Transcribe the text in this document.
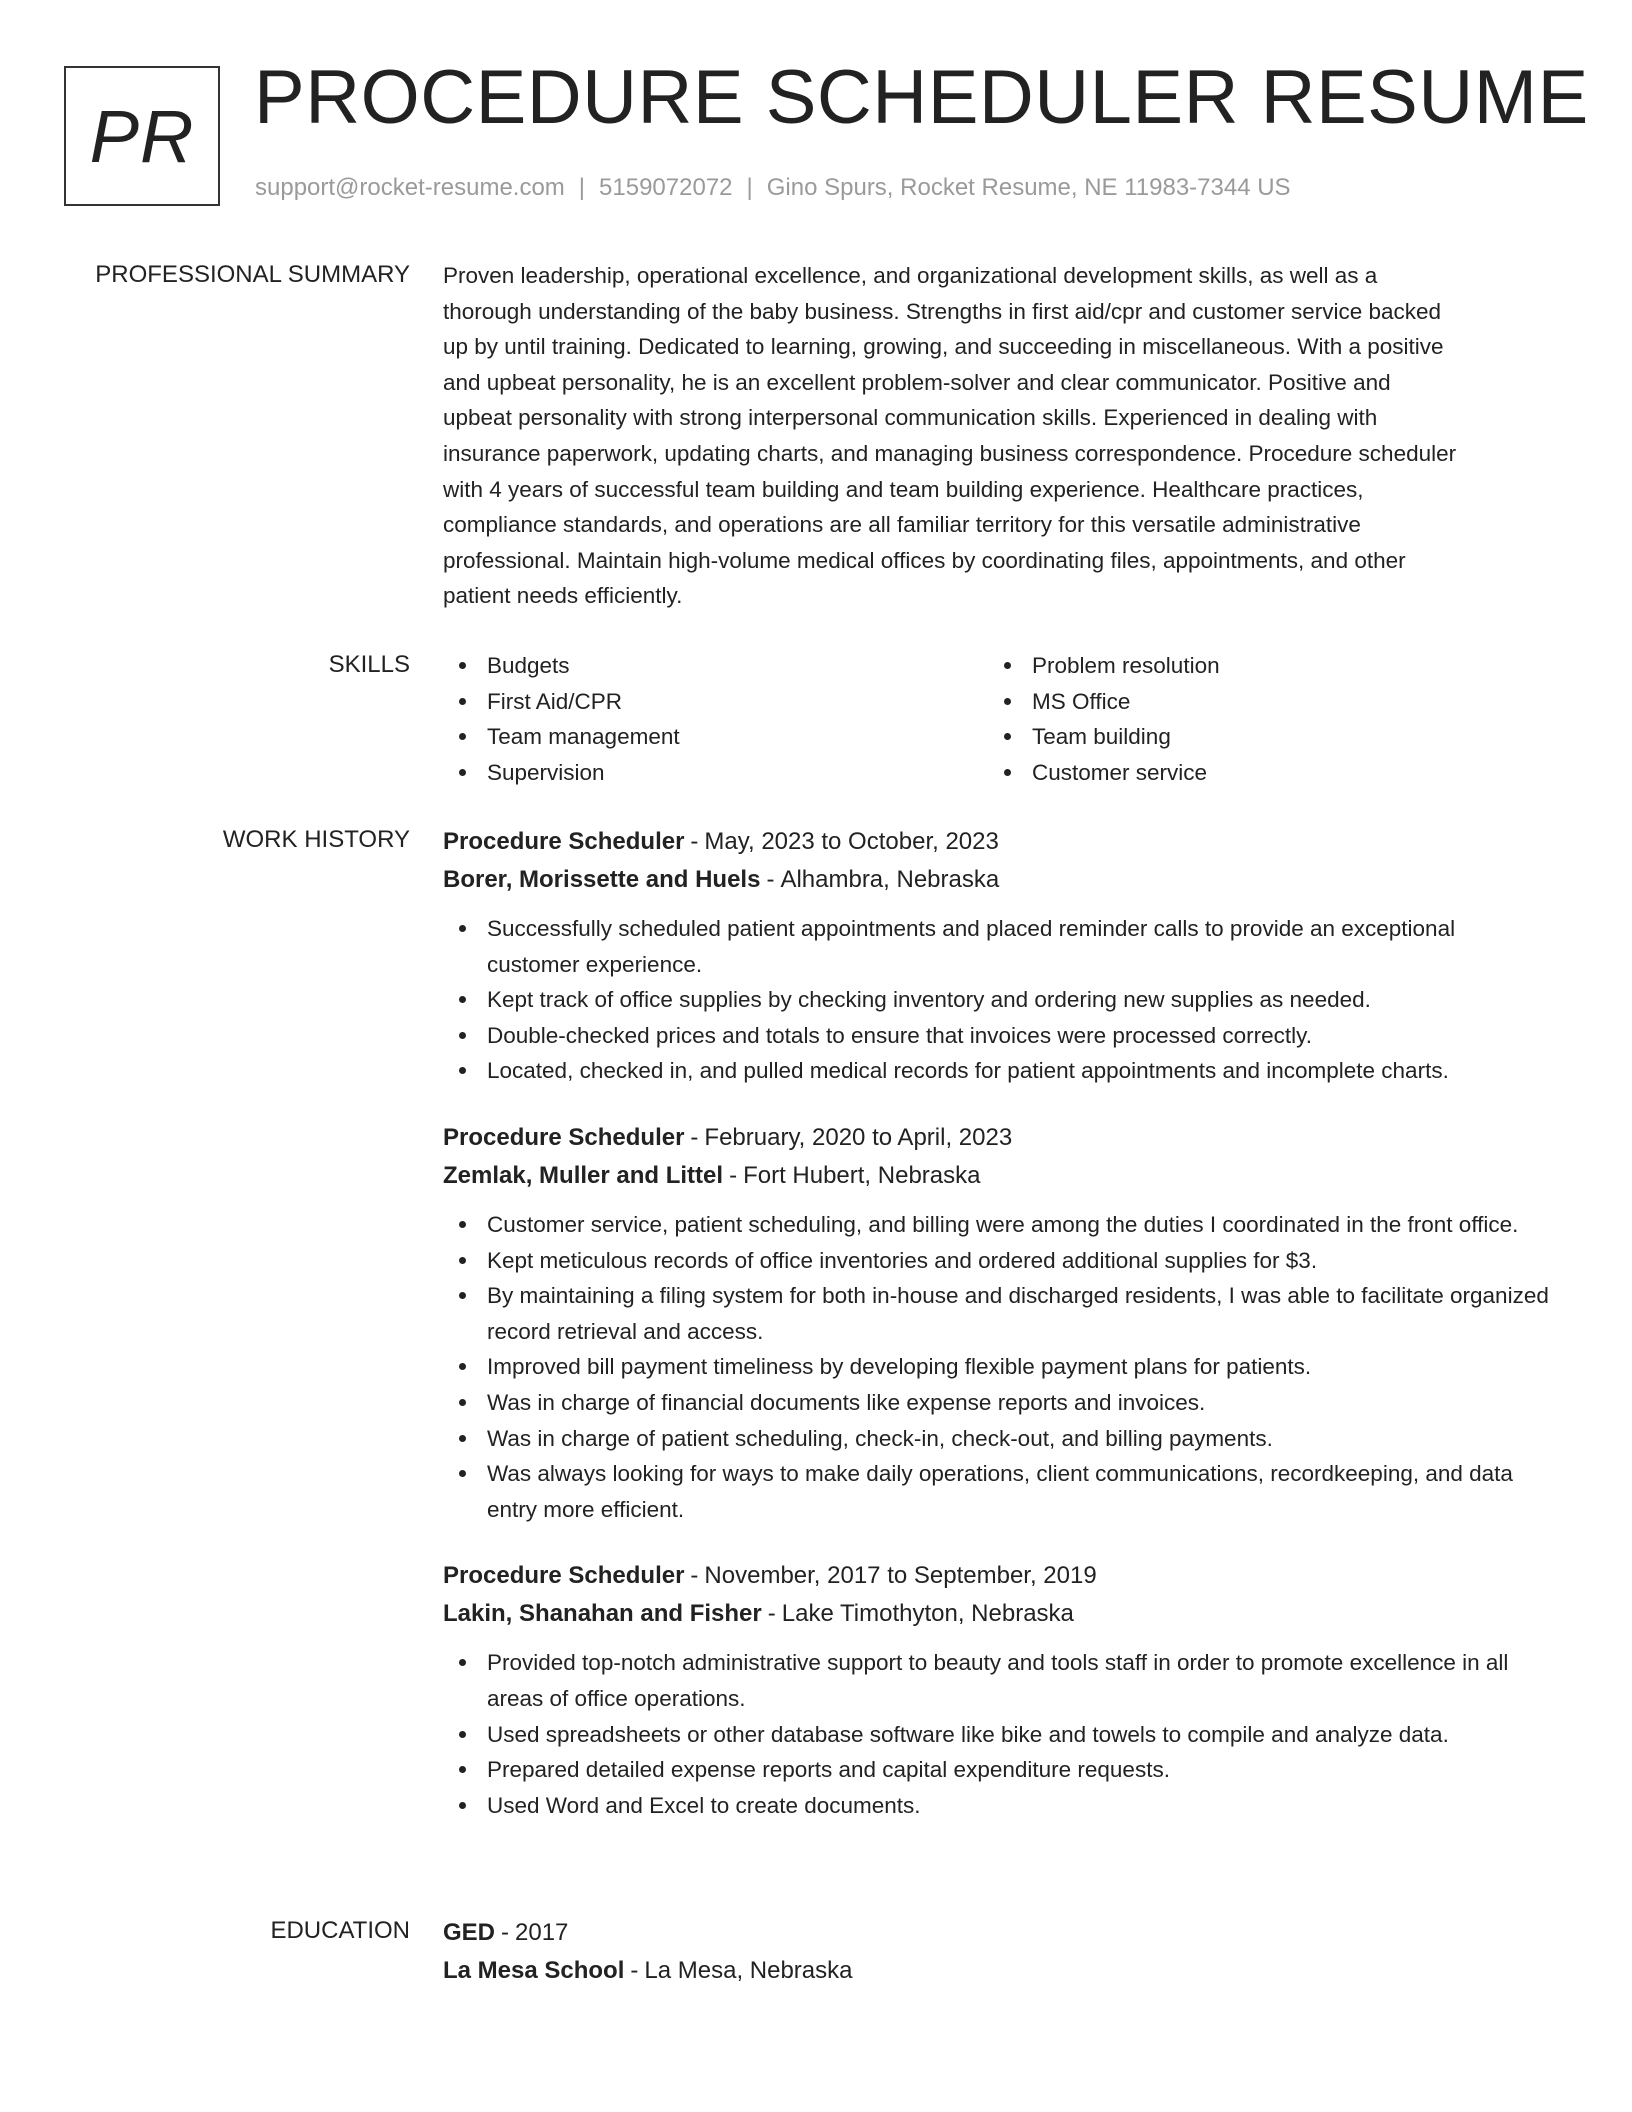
PR PROCEDURE SCHEDULER RESUME
support@rocket-resume.com | 5159072072 | Gino Spurs, Rocket Resume, NE 11983-7344 US
PROFESSIONAL SUMMARY Proven leadership, operational excellence, and organizational development skills, as well as a
thorough understanding of the baby business. Strengths in first aid/cpr and customer service backed
up by until training. Dedicated to learning, growing, and succeeding in miscellaneous. With a positive
and upbeat personality, he is an excellent problem-solver and clear communicator. Positive and
upbeat personality with strong interpersonal communication skills. Experienced in dealing with
insurance paperwork, updating charts, and managing business correspondence. Procedure scheduler
with 4 years of successful team building and team building experience. Healthcare practices,
compliance standards, and operations are all familiar territory for this versatile administrative
professional. Maintain high-volume medical offices by coordinating files, appointments, and other
patient needs efficiently.

SKILLS	Budgets
First Aid/CPR
Team management
Supervision
Problem resolution
MS Office
Team building
Customer service
WORK HISTORY Procedure Scheduler - May, 2023 to October, 2023
Borer, Morissette and Huels - Alhambra, Nebraska
Successfully scheduled patient appointments and placed reminder calls to provide an exceptional customer experience.
Kept track of office supplies by checking inventory and ordering new supplies as needed.
Double-checked prices and totals to ensure that invoices were processed correctly.
Located, checked in, and pulled medical records for patient appointments and incomplete charts.
Procedure Scheduler - February, 2020 to April, 2023
Zemlak, Muller and Littel - Fort Hubert, Nebraska
Customer service, patient scheduling, and billing were among the duties I coordinated in the front office.
Kept meticulous records of office inventories and ordered additional supplies for $3.
By maintaining a filing system for both in-house and discharged residents, I was able to facilitate organized record retrieval and access.
Improved bill payment timeliness by developing flexible payment plans for patients.
Was in charge of financial documents like expense reports and invoices.
Was in charge of patient scheduling, check-in, check-out, and billing payments.
Was always looking for ways to make daily operations, client communications, recordkeeping, and data entry more efficient.
Procedure Scheduler - November, 2017 to September, 2019
Lakin, Shanahan and Fisher - Lake Timothyton, Nebraska
Provided top-notch administrative support to beauty and tools staff in order to promote excellence in all areas of office operations.
Used spreadsheets or other database software like bike and towels to compile and analyze data.
Prepared detailed expense reports and capital expenditure requests.
Used Word and Excel to create documents.
EDUCATION GED - 2017
La Mesa School - La Mesa, Nebraska
